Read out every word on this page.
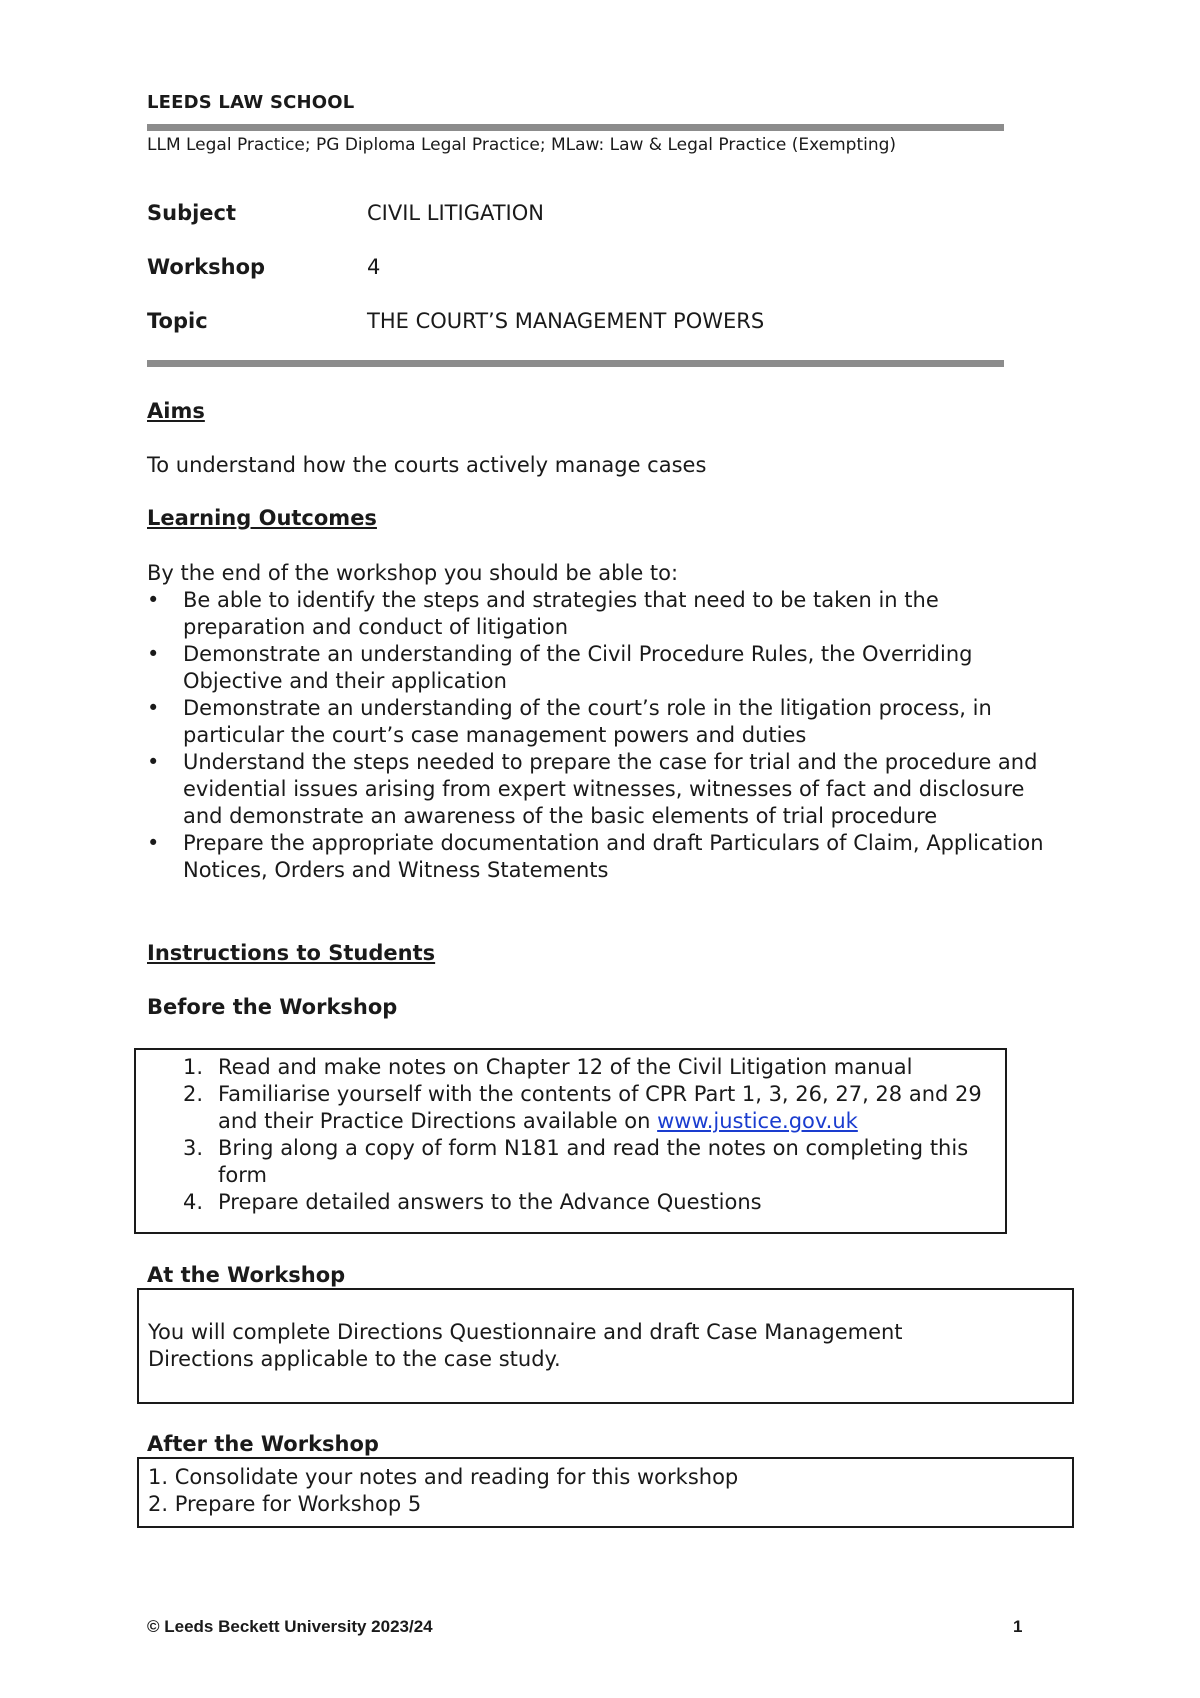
LEEDS LAW SCHOOL
LLM Legal Practice; PG Diploma Legal Practice; MLaw: Law & Legal Practice (Exempting)
Subject	CIVIL LITIGATION
Workshop	4
Topic	THE COURT’S MANAGEMENT POWERS
Aims
To understand how the courts actively manage cases
Learning Outcomes
By the end of the workshop you should be able to:
• Be able to identify the steps and strategies that need to be taken in the preparation and conduct of litigation
• Demonstrate an understanding of the Civil Procedure Rules, the Overriding Objective and their application
• Demonstrate an understanding of the court’s role in the litigation process, in particular the court’s case management powers and duties
• Understand the steps needed to prepare the case for trial and the procedure and evidential issues arising from expert witnesses, witnesses of fact and disclosure and demonstrate an awareness of the basic elements of trial procedure
• Prepare the appropriate documentation and draft Particulars of Claim, Application Notices, Orders and Witness Statements
Instructions to Students
Before the Workshop
1. Read and make notes on Chapter 12 of the Civil Litigation manual
2. Familiarise yourself with the contents of CPR Part 1, 3, 26, 27, 28 and 29 and their Practice Directions available on www.justice.gov.uk
3. Bring along a copy of form N181 and read the notes on completing this form
4. Prepare detailed answers to the Advance Questions
At the Workshop
You will complete Directions Questionnaire and draft Case Management Directions applicable to the case study.
After the Workshop
1. Consolidate your notes and reading for this workshop
2. Prepare for Workshop 5
© Leeds Beckett University 2023/24	1
